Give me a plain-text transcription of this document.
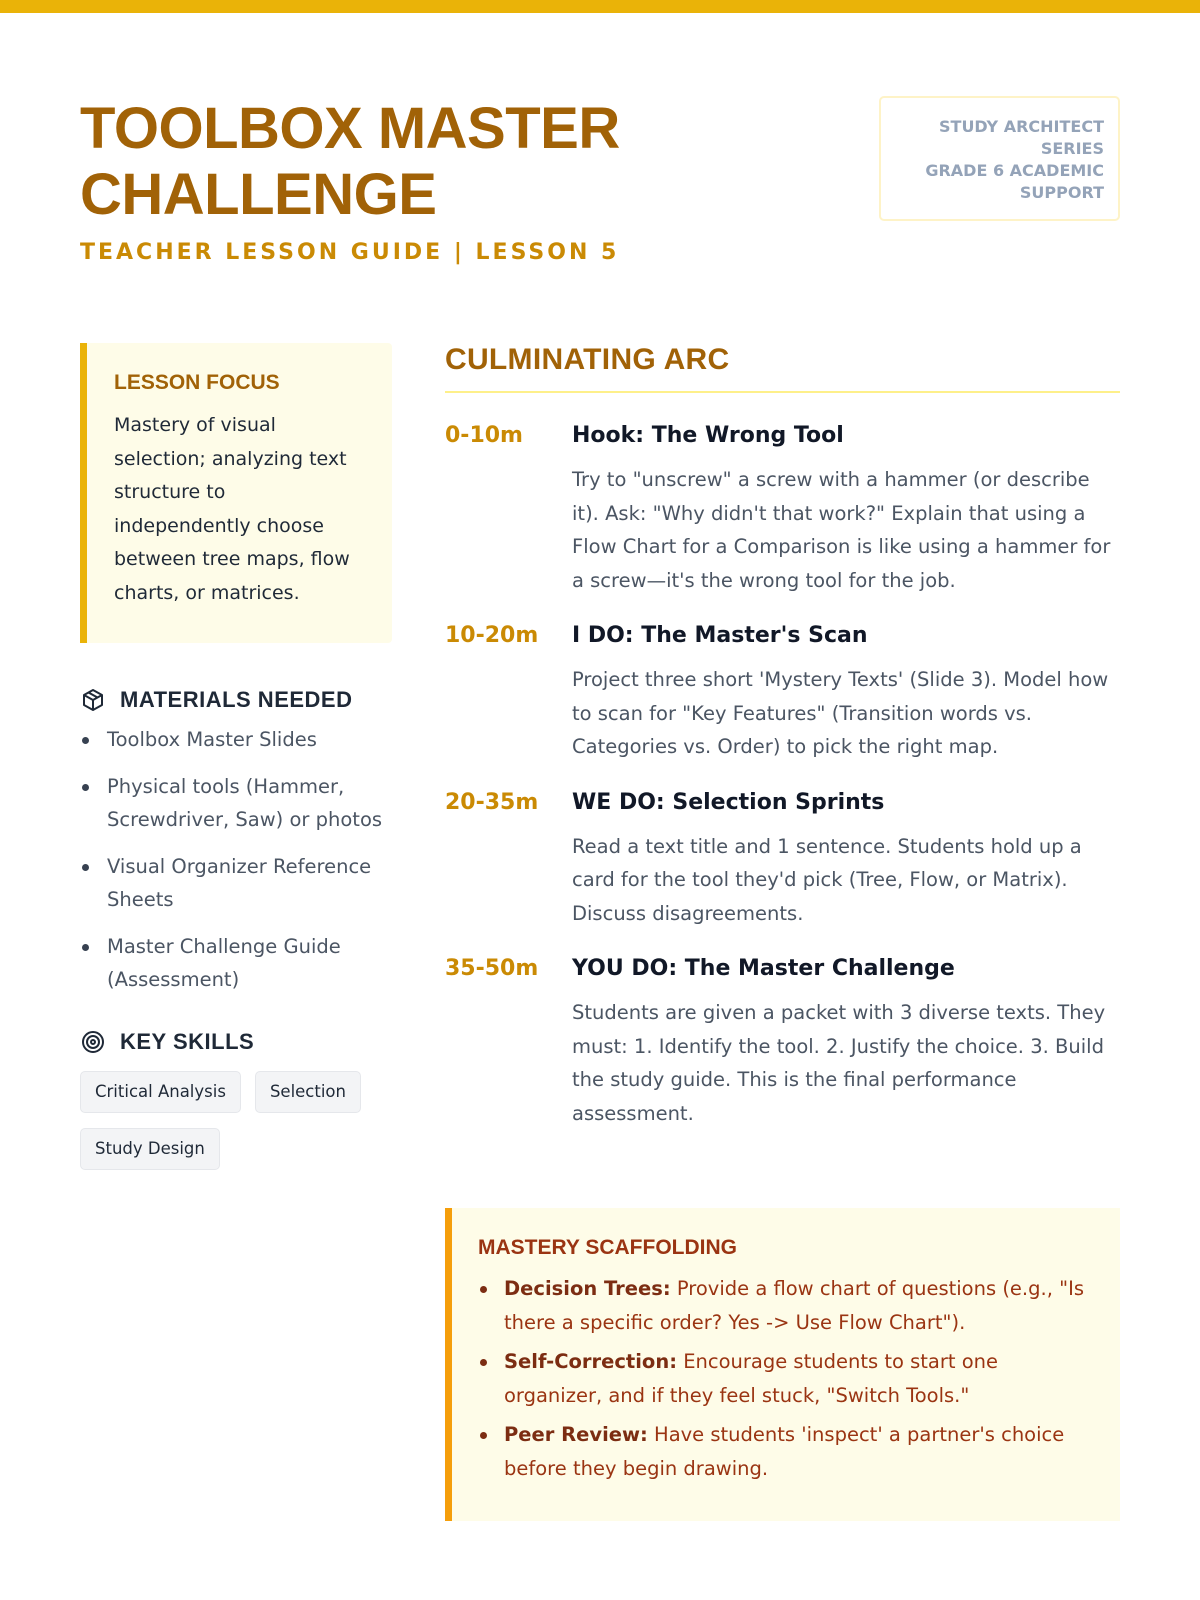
TOOLBOX MASTER CHALLENGE
TEACHER LESSON GUIDE | LESSON 5
STUDY ARCHITECT
SERIES
GRADE 6 ACADEMIC
SUPPORT
LESSON FOCUS

Mastery of visual selection; analyzing text structure to independently choose between tree maps, flow charts, or matrices.

MATERIALS NEEDED
Toolbox Master Slides
Physical tools (Hammer, Screwdriver, Saw) or photos
Visual Organizer Reference Sheets
Master Challenge Guide (Assessment)
KEY SKILLS
Critical Analysis	Selection
Study Design
CULMINATING ARC
0-10m	Hook: The Wrong Tool

Try to "unscrew" a screw with a hammer (or describe it). Ask: "Why didn't that work?" Explain that using a Flow Chart for a Comparison is like using a hammer for a screw—it's the wrong tool for the job.

10-20m	I DO: The Master's Scan

Project three short 'Mystery Texts' (Slide 3). Model how to scan for "Key Features" (Transition words vs. Categories vs. Order) to pick the right map.

20-35m	WE DO: Selection Sprints

Read a text title and 1 sentence. Students hold up a card for the tool they'd pick (Tree, Flow, or Matrix). Discuss disagreements.

35-50m	YOU DO: The Master Challenge

Students are given a packet with 3 diverse texts. They must: 1. Identify the tool. 2. Justify the choice. 3. Build the study guide. This is the final performance assessment.

MASTERY SCAFFOLDING
Decision Trees: Provide a flow chart of questions (e.g., "Is there a specific order? Yes -> Use Flow Chart").
Self-Correction: Encourage students to start one organizer, and if they feel stuck, "Switch Tools."
Peer Review: Have students 'inspect' a partner's choice before they begin drawing.
